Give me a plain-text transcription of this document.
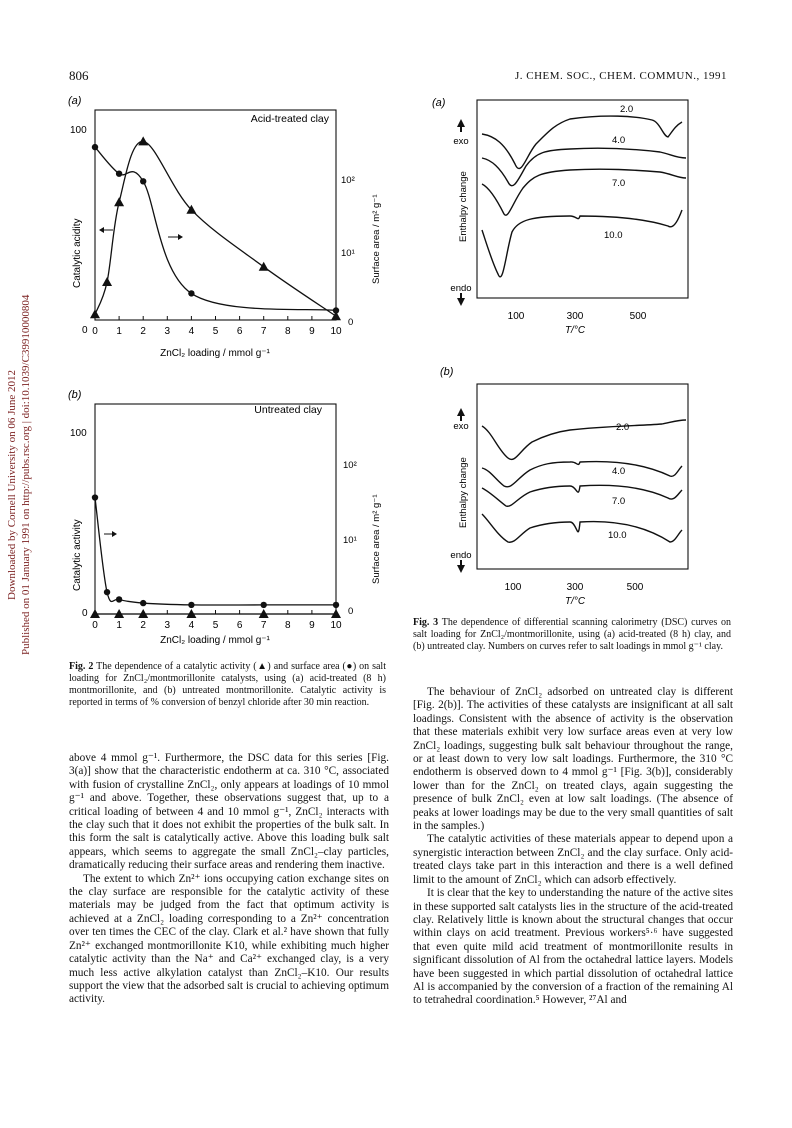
806	J. CHEM. SOC., CHEM. COMMUN., 1991
Downloaded by Cornell University on 06 June 2012 Published on 01 January 1991 on http://pubs.rsc.org | doi:10.1039/C39910000804
(a)
Acid-treated clay
100
0
Catalytic acidity
10²
10¹
0
Surface area / m² g⁻¹
0 1 2 3 4 5 6 7 8 9 10
ZnCl₂ loading / mmol g⁻¹
(b)
Untreated clay
100
0
Catalytic activity
10²
10¹
0
Surface area / m² g⁻¹
0 1 2 3 4 5 6 7 8 9 10
ZnCl₂ loading / mmol g⁻¹
Fig. 2 The dependence of a catalytic activity (▲) and surface area (●) on salt loading for ZnCl₂/montmorillonite catalysts, using (a) acid-treated (8 h) montmorillonite, and (b) untreated montmorillonite. Catalytic activity is reported in terms of % conversion of benzyl chloride after 30 min reaction.
(a)
exo
Enthalpy change
endo
2.0
4.0
7.0
10.0
100	300	500
T/°C
(b)
exo
Enthalpy change
endo
2.0
4.0
7.0
10.0
100	300	500
T/°C
Fig. 3 The dependence of differential scanning calorimetry (DSC) curves on salt loading for ZnCl₂/montmorillonite, using (a) acid-treated (8 h) clay, and (b) untreated clay. Numbers on curves refer to salt loadings in mmol g⁻¹ clay.

above 4 mmol g⁻¹. Furthermore, the DSC data for this series [Fig. 3(a)] show that the characteristic endotherm at ca. 310 °C, associated with fusion of crystalline ZnCl₂, only appears at loadings of 10 mmol g⁻¹ and above. Together, these observations suggest that, up to a critical loading of between 4 and 10 mmol g⁻¹, ZnCl₂ interacts with the clay such that it does not exhibit the properties of the bulk salt. In this form the salt is catalytically active. Above this loading bulk salt appears, which seems to aggregate the small ZnCl₂–clay particles, dramatically reducing their surface areas and rendering them inactive.

The extent to which Zn²⁺ ions occupying cation exchange sites on the clay surface are responsible for the catalytic activity of these materials may be judged from the fact that optimum activity is achieved at a ZnCl₂ loading corresponding to a Zn²⁺ concentration over ten times the CEC of the clay. Clark et al.² have shown that fully Zn²⁺ exchanged montmorillonite K10, while exhibiting much higher catalytic activity than the Na⁺ and Ca²⁺ exchanged clay, is a very much less active alkylation catalyst than ZnCl₂–K10. Our results support the view that the adsorbed salt is crucial to achieving optimum activity.

The behaviour of ZnCl₂ adsorbed on untreated clay is different [Fig. 2(b)]. The activities of these catalysts are insignificant at all salt loadings. Consistent with the absence of activity is the observation that these materials exhibit very low surface areas even at very low ZnCl₂ loadings, suggesting bulk salt behaviour throughout the range, or at least down to very low salt loadings. Furthermore, the 310 °C endotherm is observed down to 4 mmol g⁻¹ [Fig. 3(b)], considerably lower than for the ZnCl₂ on treated clays, again suggesting the presence of bulk ZnCl₂ even at low salt loadings. (The absence of peaks at lower loadings may be due to the very small quantities of salt in the samples.)

The catalytic activities of these materials appear to depend upon a synergistic interaction between ZnCl₂ and the clay surface. Only acid-treated clays take part in this interaction and there is a well defined limit to the amount of ZnCl₂ which can adsorb effectively.

It is clear that the key to understanding the nature of the active sites in these supported salt catalysts lies in the structure of the acid-treated clay. Relatively little is known about the structural changes that occur within clays on acid treatment. Previous workers⁵·⁶ have suggested that even quite mild acid treatment of montmorillonite results in significant dissolution of Al from the octahedral lattice layers. Models have been suggested in which partial dissolution of octahedral lattice Al is accompanied by the conversion of a fraction of the remaining Al to tetrahedral coordination.⁵ However, ²⁷Al and
